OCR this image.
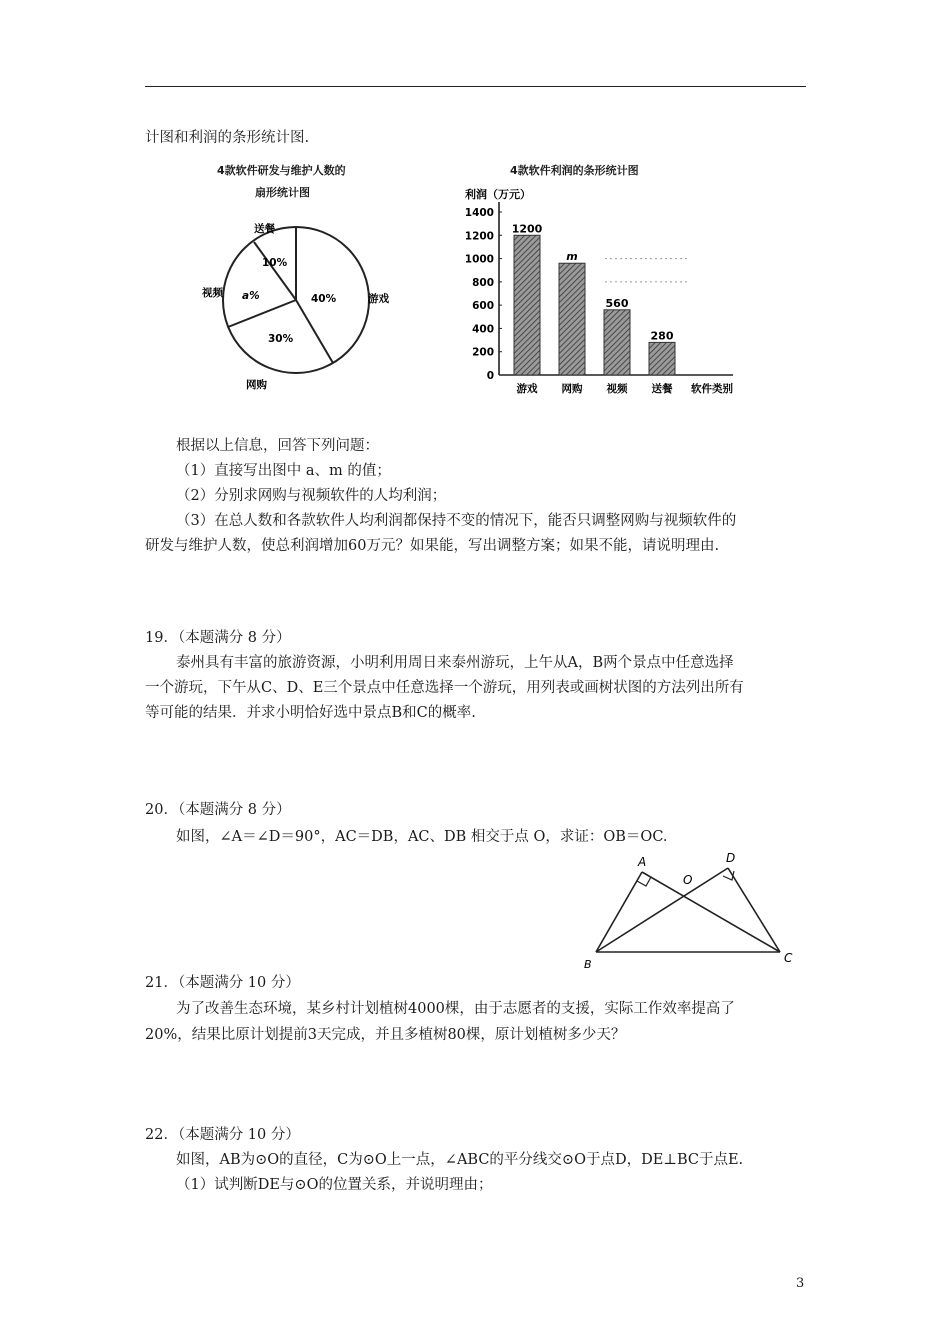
计图和利润的条形统计图.
4款软件研发与维护人数的
扇形统计图
10%
a%	40%
30%
送餐
视频	游戏
网购
4款软件利润的条形统计图
利润（万元）
0
200
400
600
800
1000
1200
1400
1200
m
560
280
游戏 网购 视频 送餐 软件类别
根据以上信息，回答下列问题：
（1）直接写出图中 a、m 的值；
（2）分别求网购与视频软件的人均利润；
（3）在总人数和各款软件人均利润都保持不变的情况下，能否只调整网购与视频软件的
研发与维护人数，使总利润增加60万元？如果能，写出调整方案；如果不能，请说明理由.
19．（本题满分 8 分）
泰州具有丰富的旅游资源，小明利用周日来泰州游玩，上午从A，B两个景点中任意选择
一个游玩，下午从C、D、E三个景点中任意选择一个游玩，用列表或画树状图的方法列出所有
等可能的结果．并求小明恰好选中景点B和C的概率.
20．（本题满分 8 分）
如图，∠A＝∠D＝90°，AC＝DB，AC、DB 相交于点 O，求证：OB＝OC.
A	D
O
B	C
21．（本题满分 10 分）
为了改善生态环境，某乡村计划植树4000棵，由于志愿者的支援，实际工作效率提高了
20%，结果比原计划提前3天完成，并且多植树80棵，原计划植树多少天？
22．（本题满分 10 分）
如图，AB为⊙O的直径，C为⊙O上一点，∠ABC的平分线交⊙O于点D，DE⊥BC于点E.
（1）试判断DE与⊙O的位置关系，并说明理由；
3
